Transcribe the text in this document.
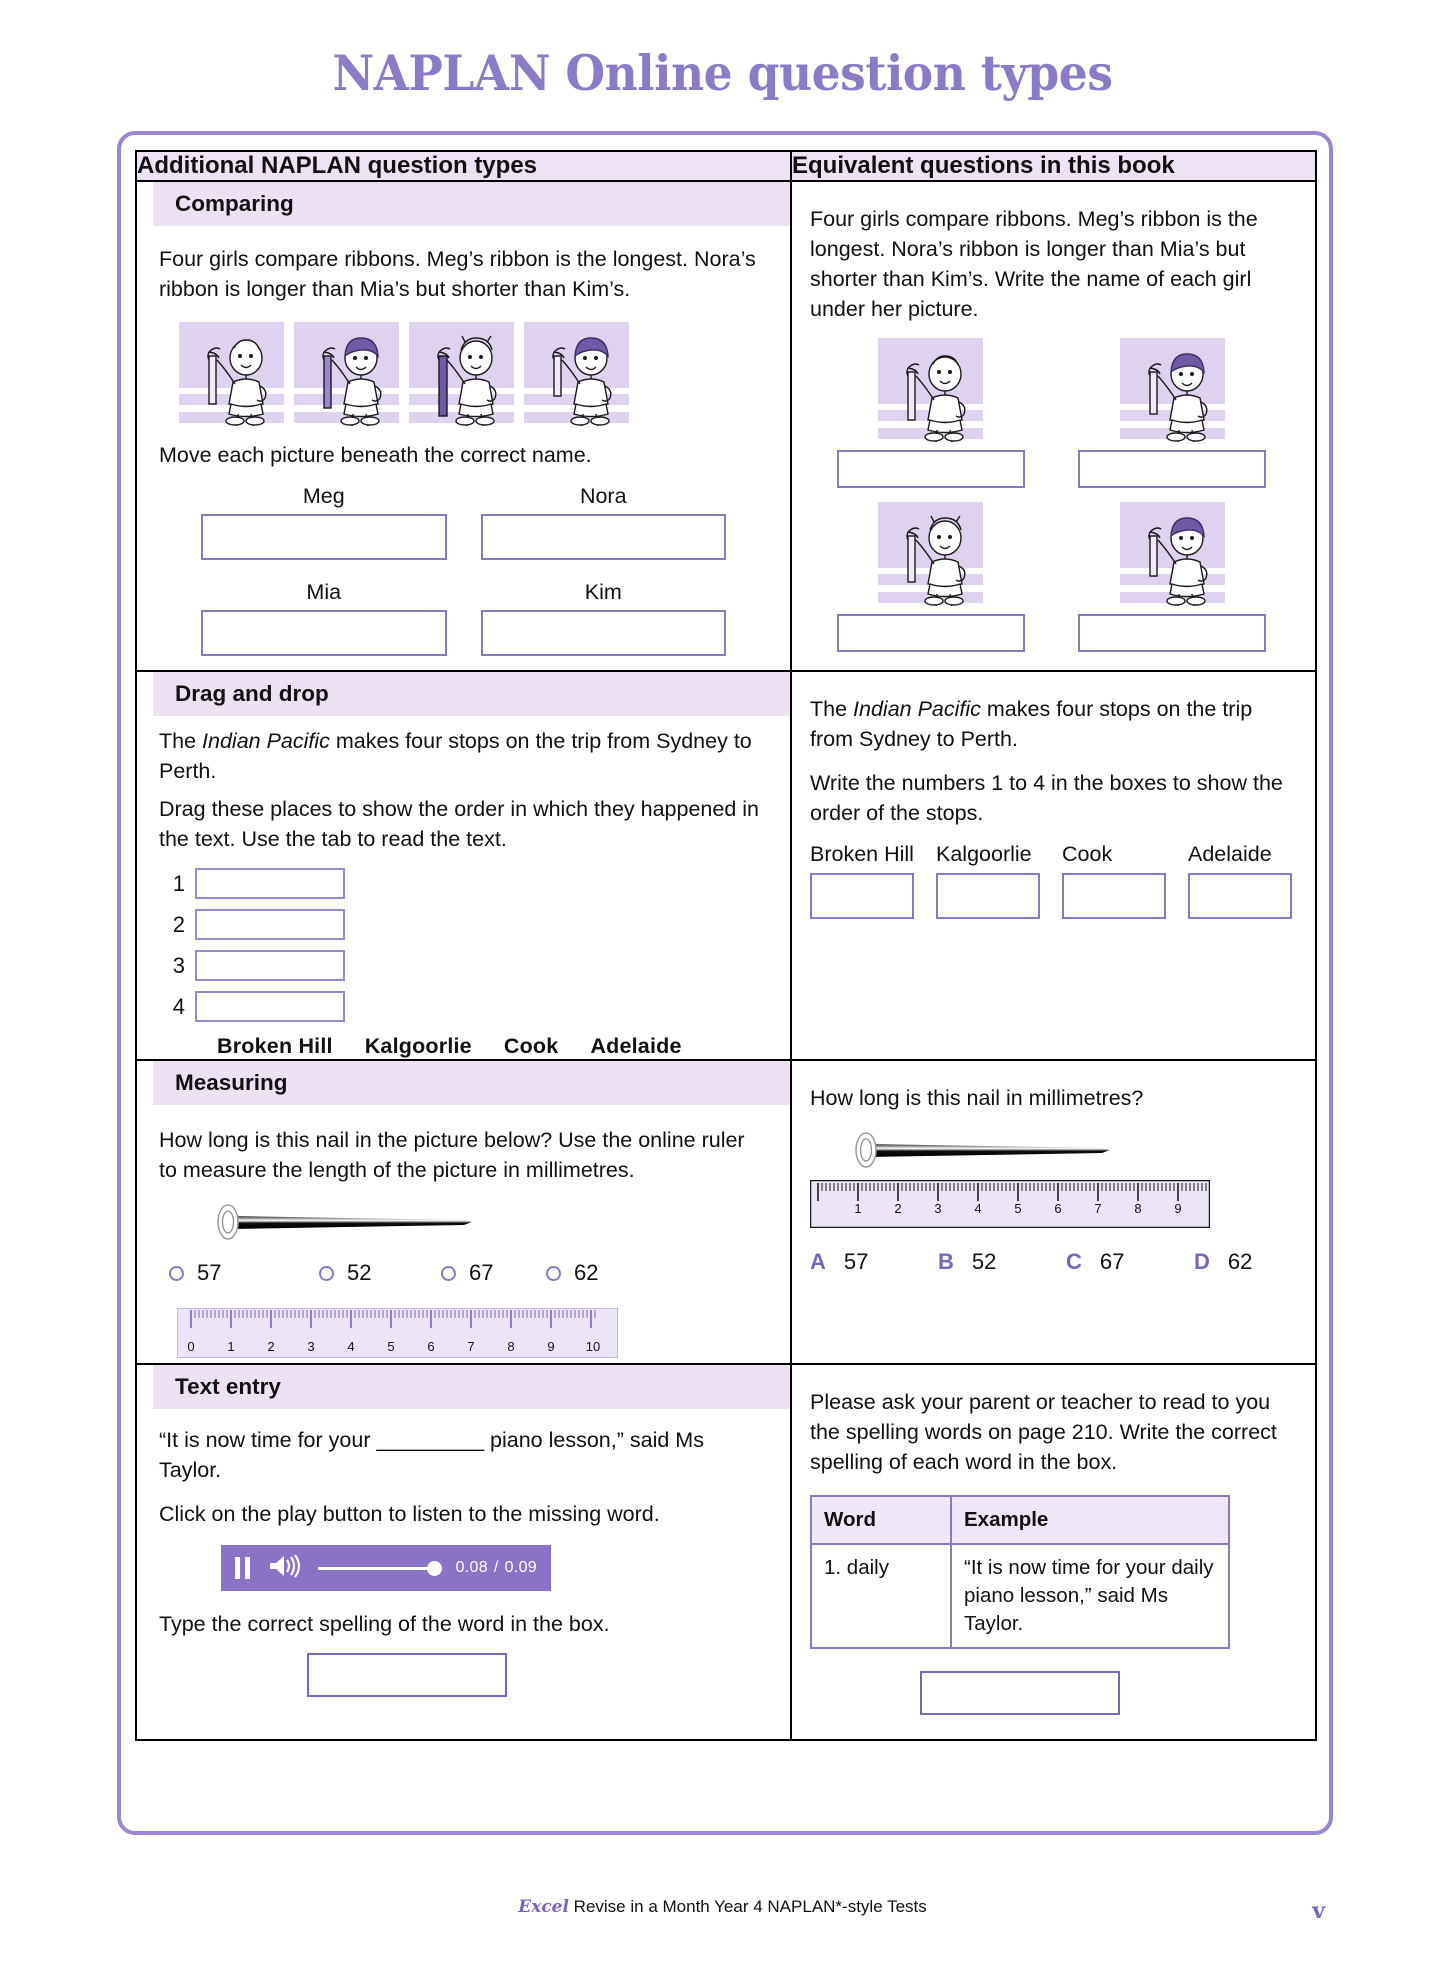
NAPLAN Online question types
Additional NAPLAN question types	Equivalent questions in this book

Comparing

Four girls compare ribbons. Meg’s ribbon is the longest. Nora’s ribbon is longer than Mia’s but shorter than Kim’s.

Move each picture beneath the correct name.

Meg	Nora
Mia	Kim

Four girls compare ribbons. Meg’s ribbon is the longest. Nora’s ribbon is longer than Mia’s but shorter than Kim’s. Write the name of each girl under her picture.

Drag and drop

The Indian Pacific makes four stops on the trip from Sydney to Perth.

Drag these places to show the order in which they happened in the text. Use the tab to read the text.

1
2
3
4
Broken Hill Kalgoorlie Cook Adelaide

The Indian Pacific makes four stops on the trip from Sydney to Perth.

Write the numbers 1 to 4 in the boxes to show the order of the stops.

Broken Hill Kalgoorlie	Cook	Adelaide

Measuring

How long is this nail in the picture below? Use the online ruler to measure the length of the picture in millimetres.

57	52	67	62
0	1	2	3	4	5	6	7	8	9 10

How long is this nail in millimetres?

1	2	3	4	5	6	7	8	9
A 57	B 52	C 67	D 62

Text entry

“It is now time for your _________ piano lesson,” said Ms Taylor.

Click on the play button to listen to the missing word.

0.08 / 0.09

Type the correct spelling of the word in the box.

Please ask your parent or teacher to read to you the spelling words on page 210. Write the correct spelling of each word in the box.

Word	Example
1. daily	“It is now time for your daily piano lesson,” said Ms Taylor.
Excel Revise in a Month Year 4 NAPLAN*-style Tests	v
